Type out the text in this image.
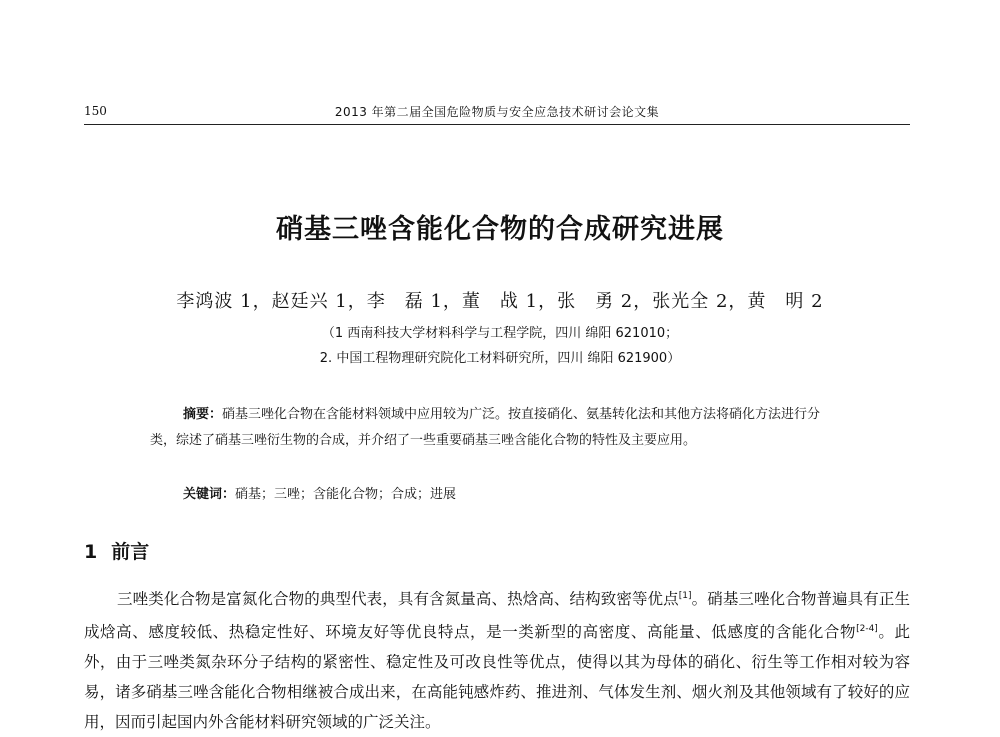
150	2013 年第二届全国危险物质与安全应急技术研讨会论文集
硝基三唑含能化合物的合成研究进展
李鸿波 1，赵廷兴 1，李　磊 1，董　战 1，张　勇 2，张光全 2，黄　明 2
（1 西南科技大学材料科学与工程学院，四川 绵阳 621010；
2. 中国工程物理研究院化工材料研究所，四川 绵阳 621900）
摘要：硝基三唑化合物在含能材料领域中应用较为广泛。按直接硝化、氨基转化法和其他方法将硝化方法进行分类，综述了硝基三唑衍生物的合成，并介绍了一些重要硝基三唑含能化合物的特性及主要应用。
关键词：硝基；三唑；含能化合物；合成；进展
1 前言
三唑类化合物是富氮化合物的典型代表，具有含氮量高、热焓高、结构致密等优点[1]。硝基三唑化合物普遍具有正生成焓高、感度较低、热稳定性好、环境友好等优良特点，是一类新型的高密度、高能量、低感度的含能化合物[2-4]。此外，由于三唑类氮杂环分子结构的紧密性、稳定性及可改良性等优点，使得以其为母体的硝化、衍生等工作相对较为容易，诸多硝基三唑含能化合物相继被合成出来，在高能钝感炸药、推进剂、气体发生剂、烟火剂及其他领域有了较好的应用，因而引起国内外含能材料研究领域的广泛关注。
